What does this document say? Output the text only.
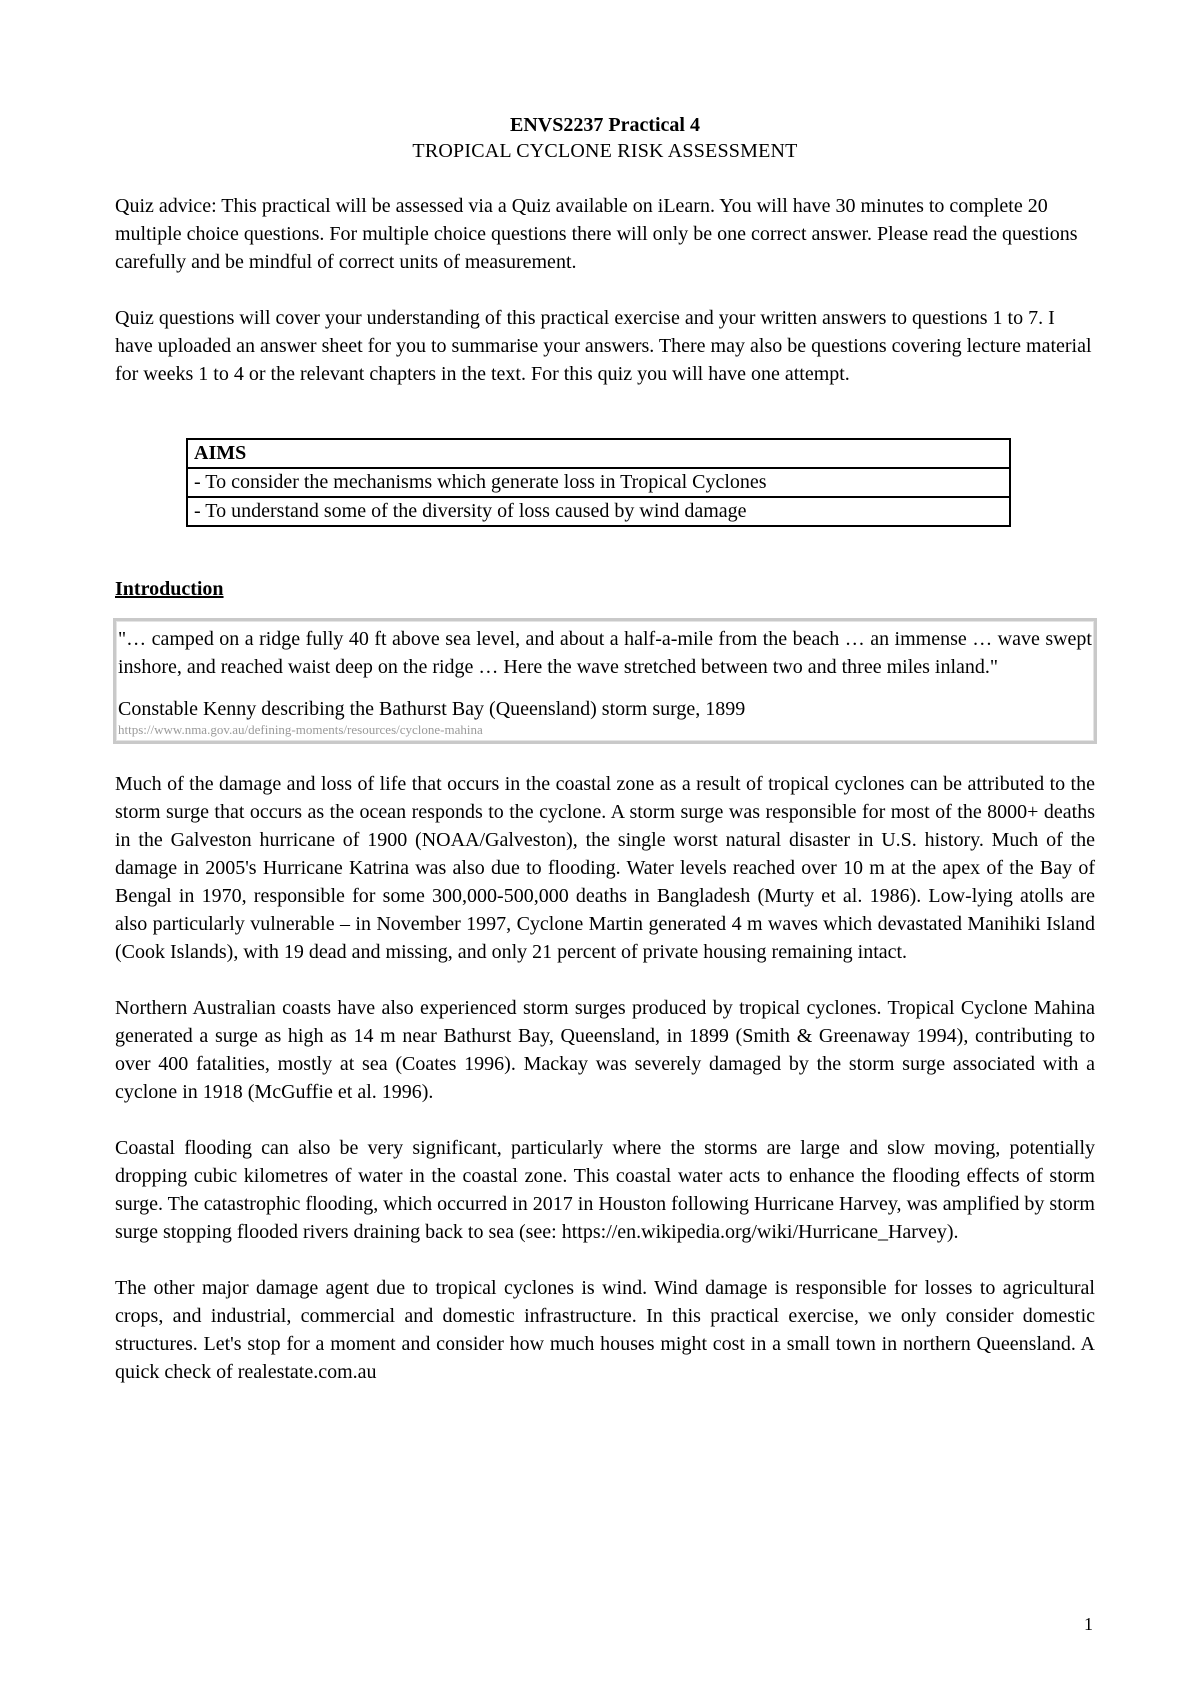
ENVS2237 Practical 4
TROPICAL CYCLONE RISK ASSESSMENT

Quiz advice: This practical will be assessed via a Quiz available on iLearn. You will have 30 minutes to complete 20 multiple choice questions. For multiple choice questions there will only be one correct answer. Please read the questions carefully and be mindful of correct units of measurement.

Quiz questions will cover your understanding of this practical exercise and your written answers to questions 1 to 7. I have uploaded an answer sheet for you to summarise your answers. There may also be questions covering lecture material for weeks 1 to 4 or the relevant chapters in the text. For this quiz you will have one attempt.

AIMS
- To consider the mechanisms which generate loss in Tropical Cyclones
- To understand some of the diversity of loss caused by wind damage
Introduction

"… camped on a ridge fully 40 ft above sea level, and about a half-a-mile from the beach … an immense … wave swept inshore, and reached waist deep on the ridge … Here the wave stretched between two and three miles inland."

Constable Kenny describing the Bathurst Bay (Queensland) storm surge, 1899
https://www.nma.gov.au/defining-moments/resources/cyclone-mahina

Much of the damage and loss of life that occurs in the coastal zone as a result of tropical cyclones can be attributed to the storm surge that occurs as the ocean responds to the cyclone. A storm surge was responsible for most of the 8000+ deaths in the Galveston hurricane of 1900 (NOAA/Galveston), the single worst natural disaster in U.S. history. Much of the damage in 2005's Hurricane Katrina was also due to flooding. Water levels reached over 10 m at the apex of the Bay of Bengal in 1970, responsible for some 300,000-500,000 deaths in Bangladesh (Murty et al. 1986). Low-lying atolls are also particularly vulnerable – in November 1997, Cyclone Martin generated 4 m waves which devastated Manihiki Island (Cook Islands), with 19 dead and missing, and only 21 percent of private housing remaining intact.

Northern Australian coasts have also experienced storm surges produced by tropical cyclones. Tropical Cyclone Mahina generated a surge as high as 14 m near Bathurst Bay, Queensland, in 1899 (Smith & Greenaway 1994), contributing to over 400 fatalities, mostly at sea (Coates 1996). Mackay was severely damaged by the storm surge associated with a cyclone in 1918 (McGuffie et al. 1996).

Coastal flooding can also be very significant, particularly where the storms are large and slow moving, potentially dropping cubic kilometres of water in the coastal zone. This coastal water acts to enhance the flooding effects of storm surge. The catastrophic flooding, which occurred in 2017 in Houston following Hurricane Harvey, was amplified by storm surge stopping flooded rivers draining back to sea (see: https://en.wikipedia.org/wiki/Hurricane_Harvey).

The other major damage agent due to tropical cyclones is wind. Wind damage is responsible for losses to agricultural crops, and industrial, commercial and domestic infrastructure. In this practical exercise, we only consider domestic structures. Let's stop for a moment and consider how much houses might cost in a small town in northern Queensland. A quick check of realestate.com.au

1
